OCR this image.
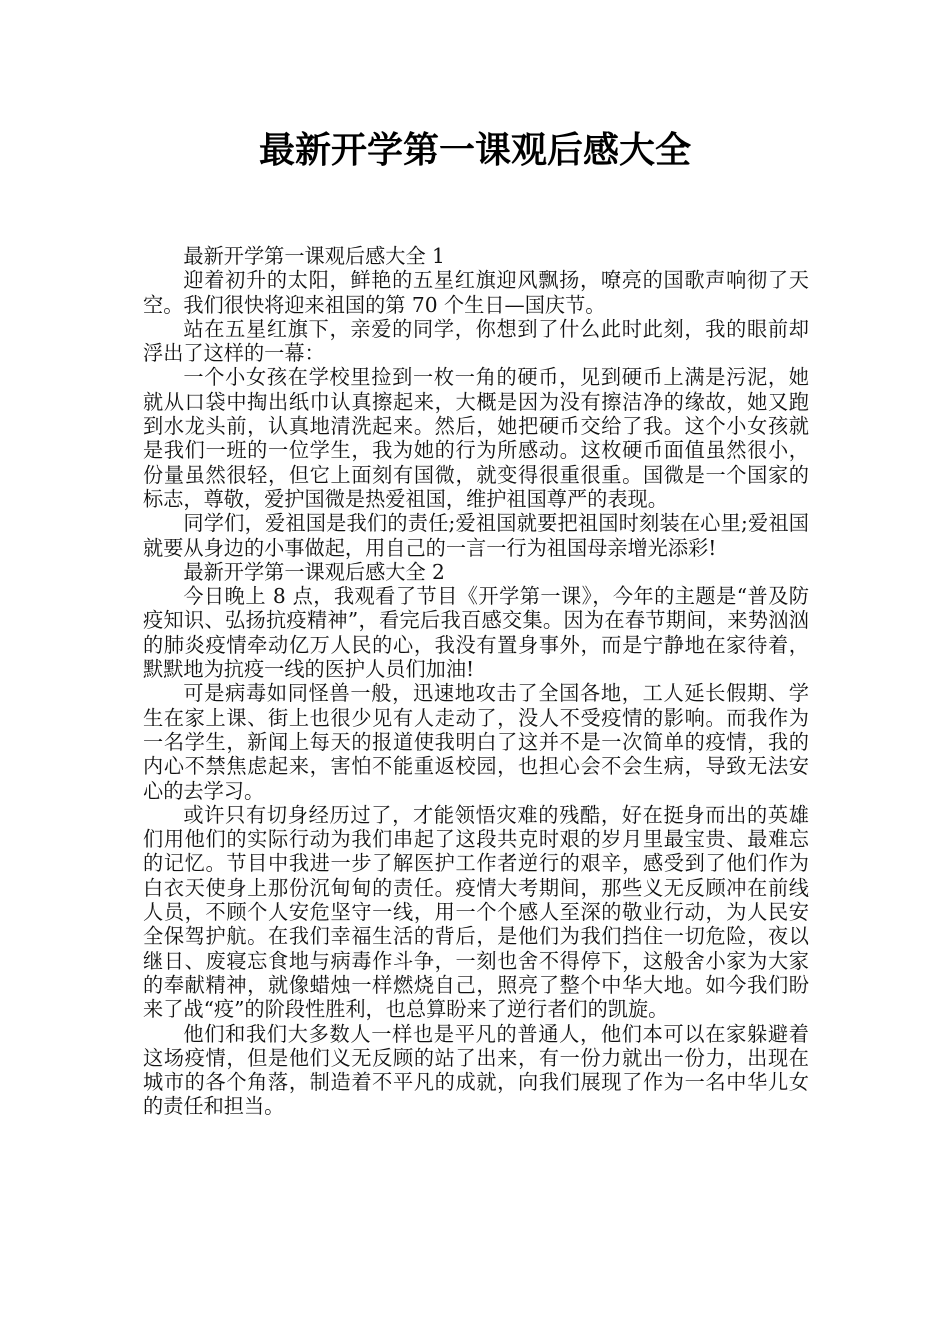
最新开学第一课观后感大全

最新开学第一课观后感大全 1

迎着初升的太阳，鲜艳的五星红旗迎风飘扬，嘹亮的国歌声响彻了天空。我们很快将迎来祖国的第 70 个生日—国庆节。

站在五星红旗下，亲爱的同学，你想到了什么此时此刻，我的眼前却浮出了这样的一幕：

一个小女孩在学校里捡到一枚一角的硬币，见到硬币上满是污泥，她就从口袋中掏出纸巾认真擦起来，大概是因为没有擦洁净的缘故，她又跑到水龙头前，认真地清洗起来。然后，她把硬币交给了我。这个小女孩就是我们一班的一位学生，我为她的行为所感动。这枚硬币面值虽然很小，份量虽然很轻，但它上面刻有国微，就变得很重很重。国微是一个国家的标志，尊敬，爱护国微是热爱祖国，维护祖国尊严的表现。

同学们，爱祖国是我们的责任;爱祖国就要把祖国时刻装在心里;爱祖国就要从身边的小事做起，用自己的一言一行为祖国母亲增光添彩!

最新开学第一课观后感大全 2

今日晚上 8 点，我观看了节目《开学第一课》，今年的主题是“普及防疫知识、弘扬抗疫精神”，看完后我百感交集。因为在春节期间，来势汹汹的肺炎疫情牵动亿万人民的心，我没有置身事外，而是宁静地在家待着，默默地为抗疫一线的医护人员们加油!

可是病毒如同怪兽一般，迅速地攻击了全国各地，工人延长假期、学生在家上课、街上也很少见有人走动了，没人不受疫情的影响。而我作为一名学生，新闻上每天的报道使我明白了这并不是一次简单的疫情，我的内心不禁焦虑起来，害怕不能重返校园，也担心会不会生病，导致无法安心的去学习。

或许只有切身经历过了，才能领悟灾难的残酷，好在挺身而出的英雄们用他们的实际行动为我们串起了这段共克时艰的岁月里最宝贵、最难忘的记忆。节目中我进一步了解医护工作者逆行的艰辛，感受到了他们作为白衣天使身上那份沉甸甸的责任。疫情大考期间，那些义无反顾冲在前线人员，不顾个人安危坚守一线，用一个个感人至深的敬业行动，为人民安全保驾护航。在我们幸福生活的背后，是他们为我们挡住一切危险，夜以继日、废寝忘食地与病毒作斗争，一刻也舍不得停下，这般舍小家为大家的奉献精神，就像蜡烛一样燃烧自己，照亮了整个中华大地。如今我们盼来了战“疫”的阶段性胜利，也总算盼来了逆行者们的凯旋。

他们和我们大多数人一样也是平凡的普通人，他们本可以在家躲避着这场疫情，但是他们义无反顾的站了出来，有一份力就出一份力，出现在城市的各个角落，制造着不平凡的成就，向我们展现了作为一名中华儿女的责任和担当。
